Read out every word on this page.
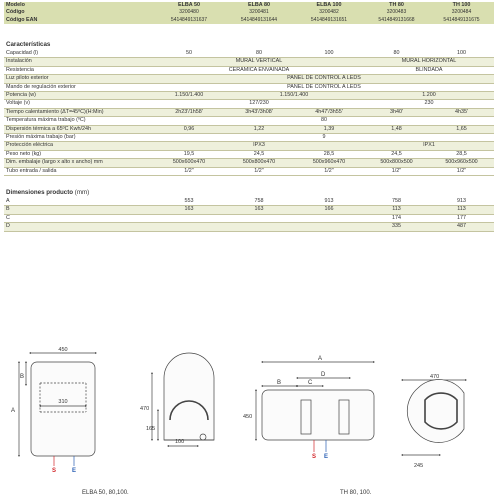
Modelo	ELBA 50	ELBA 80	ELBA 100	TH 80	TH 100
Código	3200480	3200481	3200482	3200483	3200484
Código EAN	5414849131637	5414849131644	5414849131651	5414849131668	5414849131675
Características
Capacidad (l)	50	80	100	80	100
Instalación	MURAL VERTICAL			MURAL HORIZONTAL	
Resistencia	CERÁMICA ENVAINADA			BLINDADA	
Luz piloto exterior	PANEL DE CONTROL A LEDS				
Mando de regulación exterior	PANEL DE CONTROL A LEDS				
Potencia (w)	1.150/1.400	1.150/1.400		1.200	
Voltaje (v)	127/230			230	
Tiempo calentamiento (ΔT=45ºC)(H:Min)	2h23'/1h58'	3h43'/3h08'	4h47'/3h55'	3h40'	4h35'
Temperatura máxima trabajo (ºC)	80				
Dispersión térmica a 65ºC Kwh/24h	0,96	1,22	1,39	1,48	1,65
Presión máxima trabajo (bar)	9				
Protección eléctrica	IPX3			IPX1	
Peso neto (kg)	19,5	24,5	28,5	24,5	28,5
Dim. embalaje (largo x alto x ancho) mm	500x600x470	500x800x470	500x960x470	500x800x500	500x960x500
Tubo entrada / salida	1/2"	1/2"	1/2"	1/2"	1/2"
Dimensiones producto (mm)
A	553	758	913	758	913
B	163	163	166	113	113
C				174	177
D				335	487
450
310
A
B
S	E
470
165
100
ELBA 50, 80,100.
A
D
C
B
450
S E
470
245
TH 80, 100.
